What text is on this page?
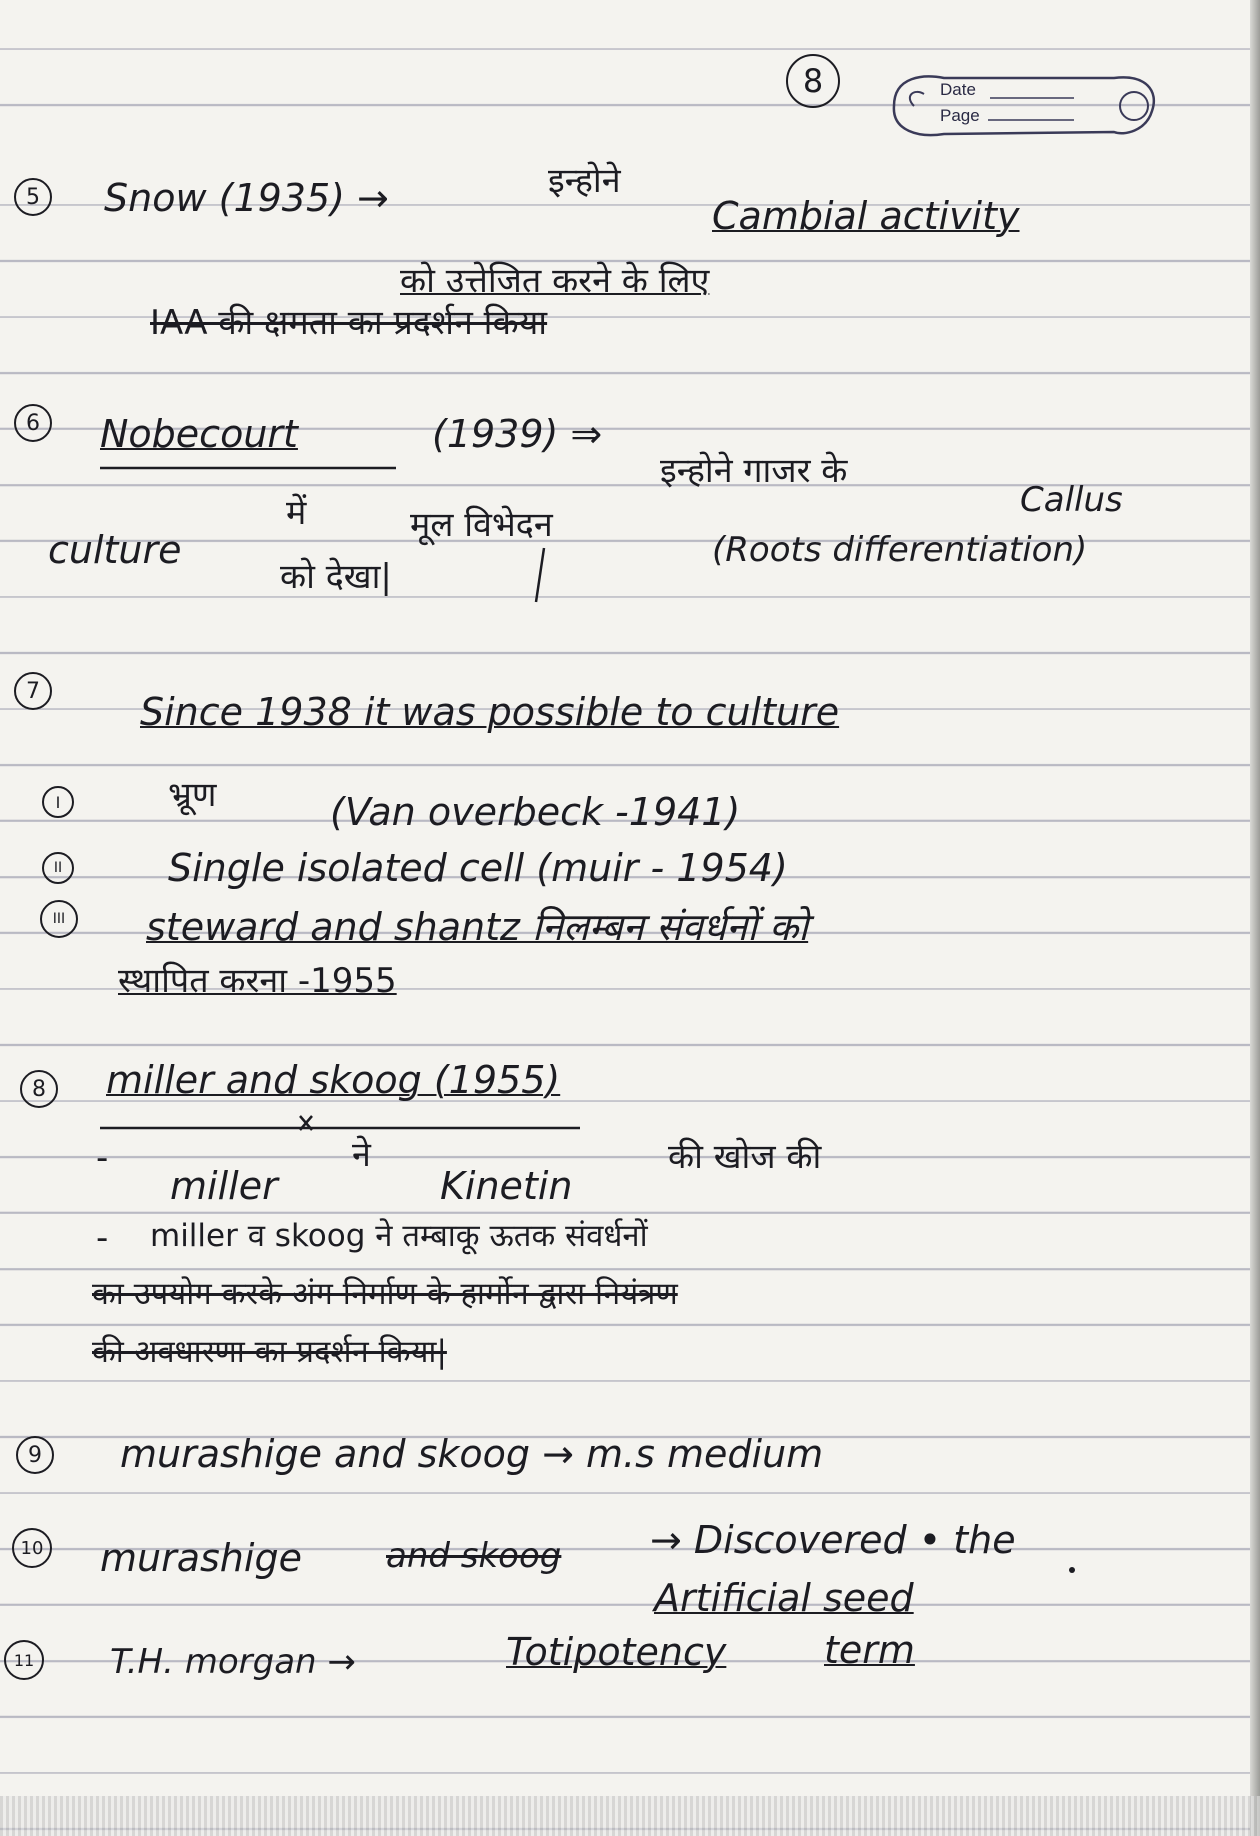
8	Date
Page
5 Snow (1935) →	इन्होने
Cambial activity
को उत्तेजित करने के लिए
IAA की क्षमता का प्रदर्शन किया
6 Nobecourt	(1939) ⇒
इन्होने गाजर के
Callus
में	मूल विभेदन
culture
को देखा|
(Roots differentiation)
7	Since 1938 it was possible to culture
I	भ्रूण	(Van overbeck -1941)
II	Single isolated cell (muir - 1954)
III steward and shantz निलम्बन संवर्धनों को
स्थापित करना -1955
8 miller and skoog (1955)
-
miller
ने
Kinetin
की खोज की
- miller व skoog ने तम्बाकू ऊतक संवर्धनों
का उपयोग करके अंग निर्माण के हार्मोन द्वारा नियंत्रण
की अवधारणा का प्रदर्शन किया|
9 murashige and skoog → m.s medium
10 murashige and skoog → Discovered • the
Artificial seed
11 T.H. morgan →	Totipotency	term
